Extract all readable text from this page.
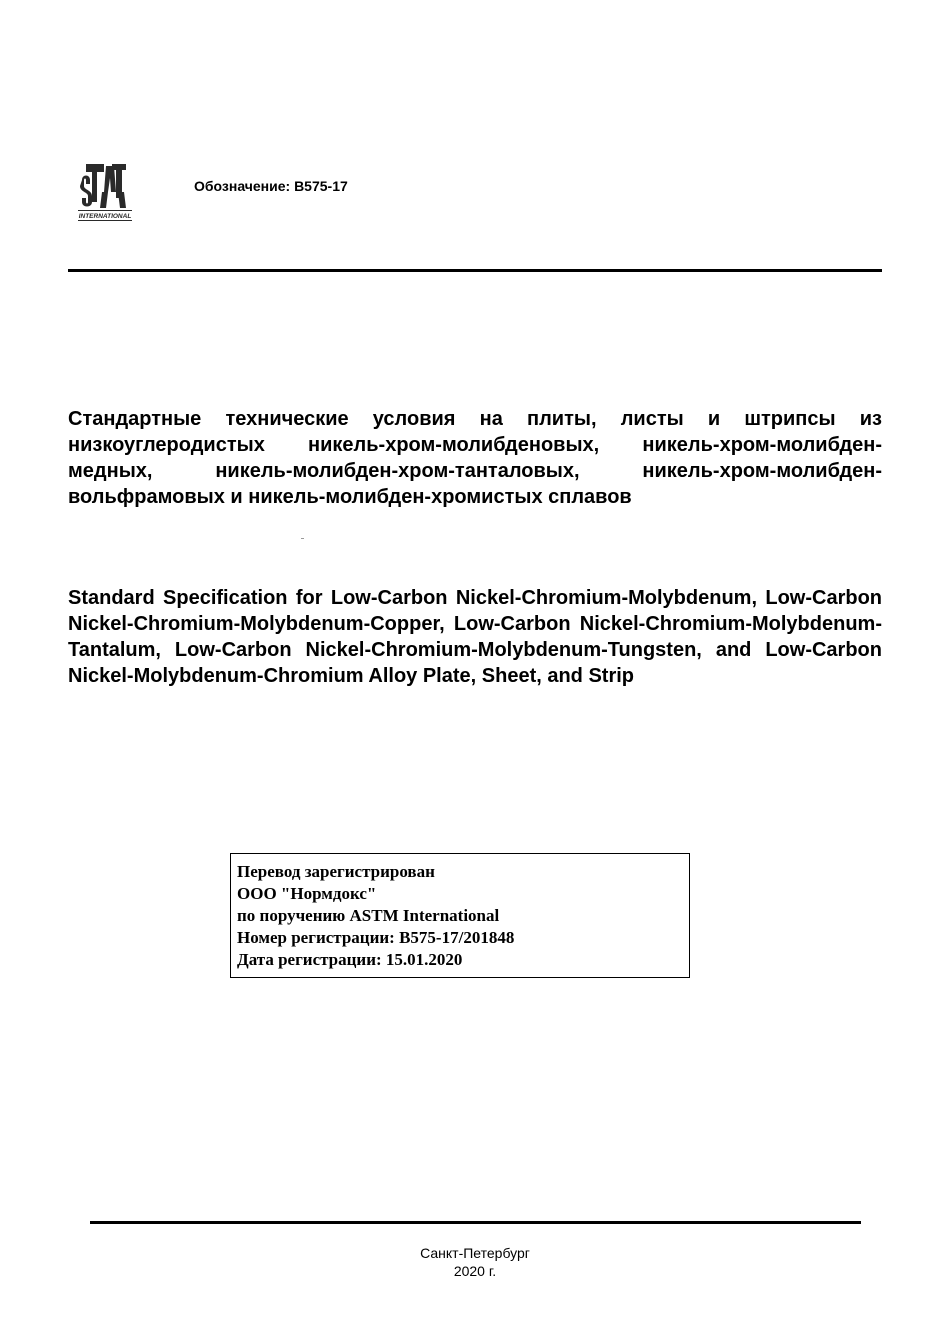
INTERNATIONAL
Обозначение: B575-17

Стандартные технические условия на плиты, листы и штрипсы из низкоуглеродистых никель-хром-молибденовых, никель-хром-молибден-медных, никель-молибден-хром-танталовых, никель-хром-молибден-вольфрамовых и никель-молибден-хромистых сплавов

Standard Specification for Low-Carbon Nickel-Chromium-Molybdenum, Low-Carbon Nickel-Chromium-Molybdenum-Copper, Low-Carbon Nickel-Chromium-Molybdenum-Tantalum, Low-Carbon Nickel-Chromium-Molybdenum-Tungsten, and Low-Carbon Nickel-Molybdenum-Chromium Alloy Plate, Sheet, and Strip

Перевод зарегистрирован
ООО "Нормдокс"
по поручению ASTM International
Номер регистрации: B575-17/201848
Дата регистрации: 15.01.2020
Санкт-Петербург
2020 г.
